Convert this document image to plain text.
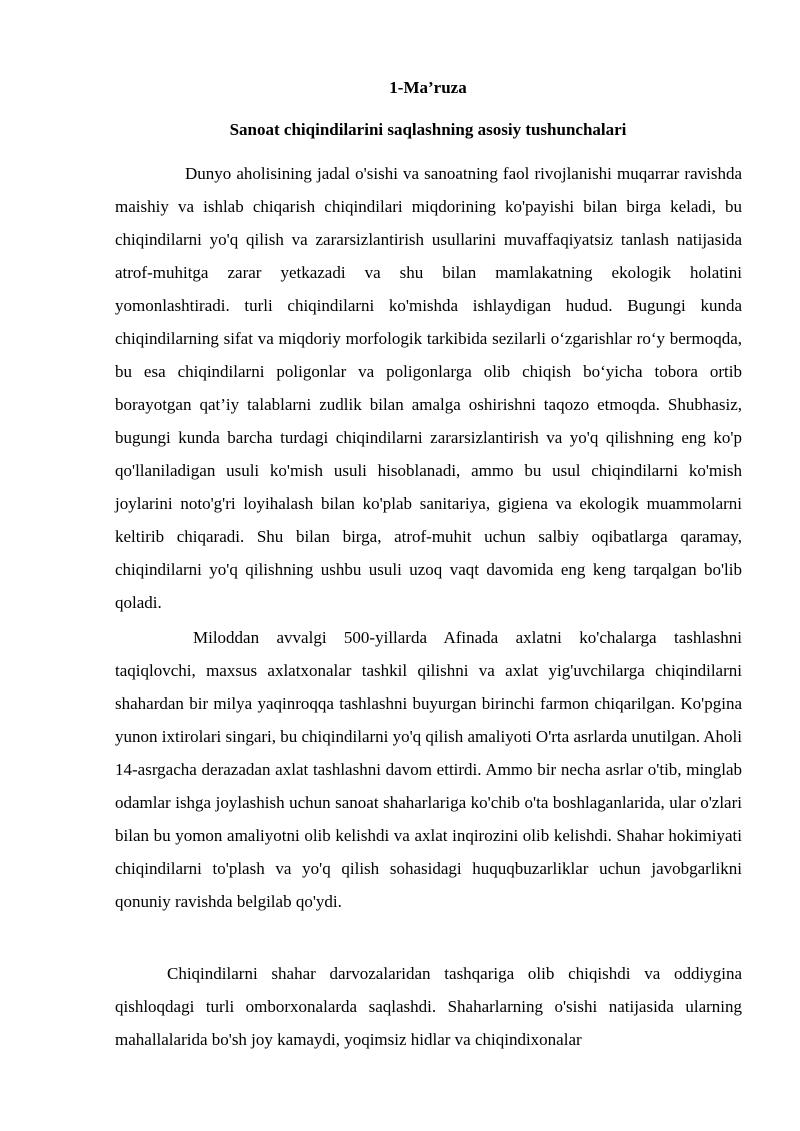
1-Ma’ruza
Sanoat chiqindilarini saqlashning asosiy tushunchalari

Dunyo aholisining jadal o'sishi va sanoatning faol rivojlanishi muqarrar ravishda maishiy va ishlab chiqarish chiqindilari miqdorining ko'payishi bilan birga keladi, bu chiqindilarni yo'q qilish va zararsizlantirish usullarini muvaffaqiyatsiz tanlash natijasida atrof-muhitga zarar yetkazadi va shu bilan mamlakatning ekologik holatini yomonlashtiradi. turli chiqindilarni ko'mishda ishlaydigan hudud. Bugungi kunda chiqindilarning sifat va miqdoriy morfologik tarkibida sezilarli o‘zgarishlar ro‘y bermoqda, bu esa chiqindilarni poligonlar va poligonlarga olib chiqish bo‘yicha tobora ortib borayotgan qat’iy talablarni zudlik bilan amalga oshirishni taqozo etmoqda. Shubhasiz, bugungi kunda barcha turdagi chiqindilarni zararsizlantirish va yo'q qilishning eng ko'p qo'llaniladigan usuli ko'mish usuli hisoblanadi, ammo bu usul chiqindilarni ko'mish joylarini noto'g'ri loyihalash bilan ko'plab sanitariya, gigiena va ekologik muammolarni keltirib chiqaradi. Shu bilan birga, atrof-muhit uchun salbiy oqibatlarga qaramay, chiqindilarni yo'q qilishning ushbu usuli uzoq vaqt davomida eng keng tarqalgan bo'lib qoladi.

Miloddan avvalgi 500-yillarda Afinada axlatni ko'chalarga tashlashni taqiqlovchi, maxsus axlatxonalar tashkil qilishni va axlat yig'uvchilarga chiqindilarni shahardan bir milya yaqinroqqa tashlashni buyurgan birinchi farmon chiqarilgan. Ko'pgina yunon ixtirolari singari, bu chiqindilarni yo'q qilish amaliyoti O'rta asrlarda unutilgan. Aholi 14-asrgacha derazadan axlat tashlashni davom ettirdi. Ammo bir necha asrlar o'tib, minglab odamlar ishga joylashish uchun sanoat shaharlariga ko'chib o'ta boshlaganlarida, ular o'zlari bilan bu yomon amaliyotni olib kelishdi va axlat inqirozini olib kelishdi. Shahar hokimiyati chiqindilarni to'plash va yo'q qilish sohasidagi huquqbuzarliklar uchun javobgarlikni qonuniy ravishda belgilab qo'ydi.

Chiqindilarni shahar darvozalaridan tashqariga olib chiqishdi va oddiygina qishloqdagi turli omborxonalarda saqlashdi. Shaharlarning o'sishi natijasida ularning mahallalarida bo'sh joy kamaydi, yoqimsiz hidlar va chiqindixonalar
